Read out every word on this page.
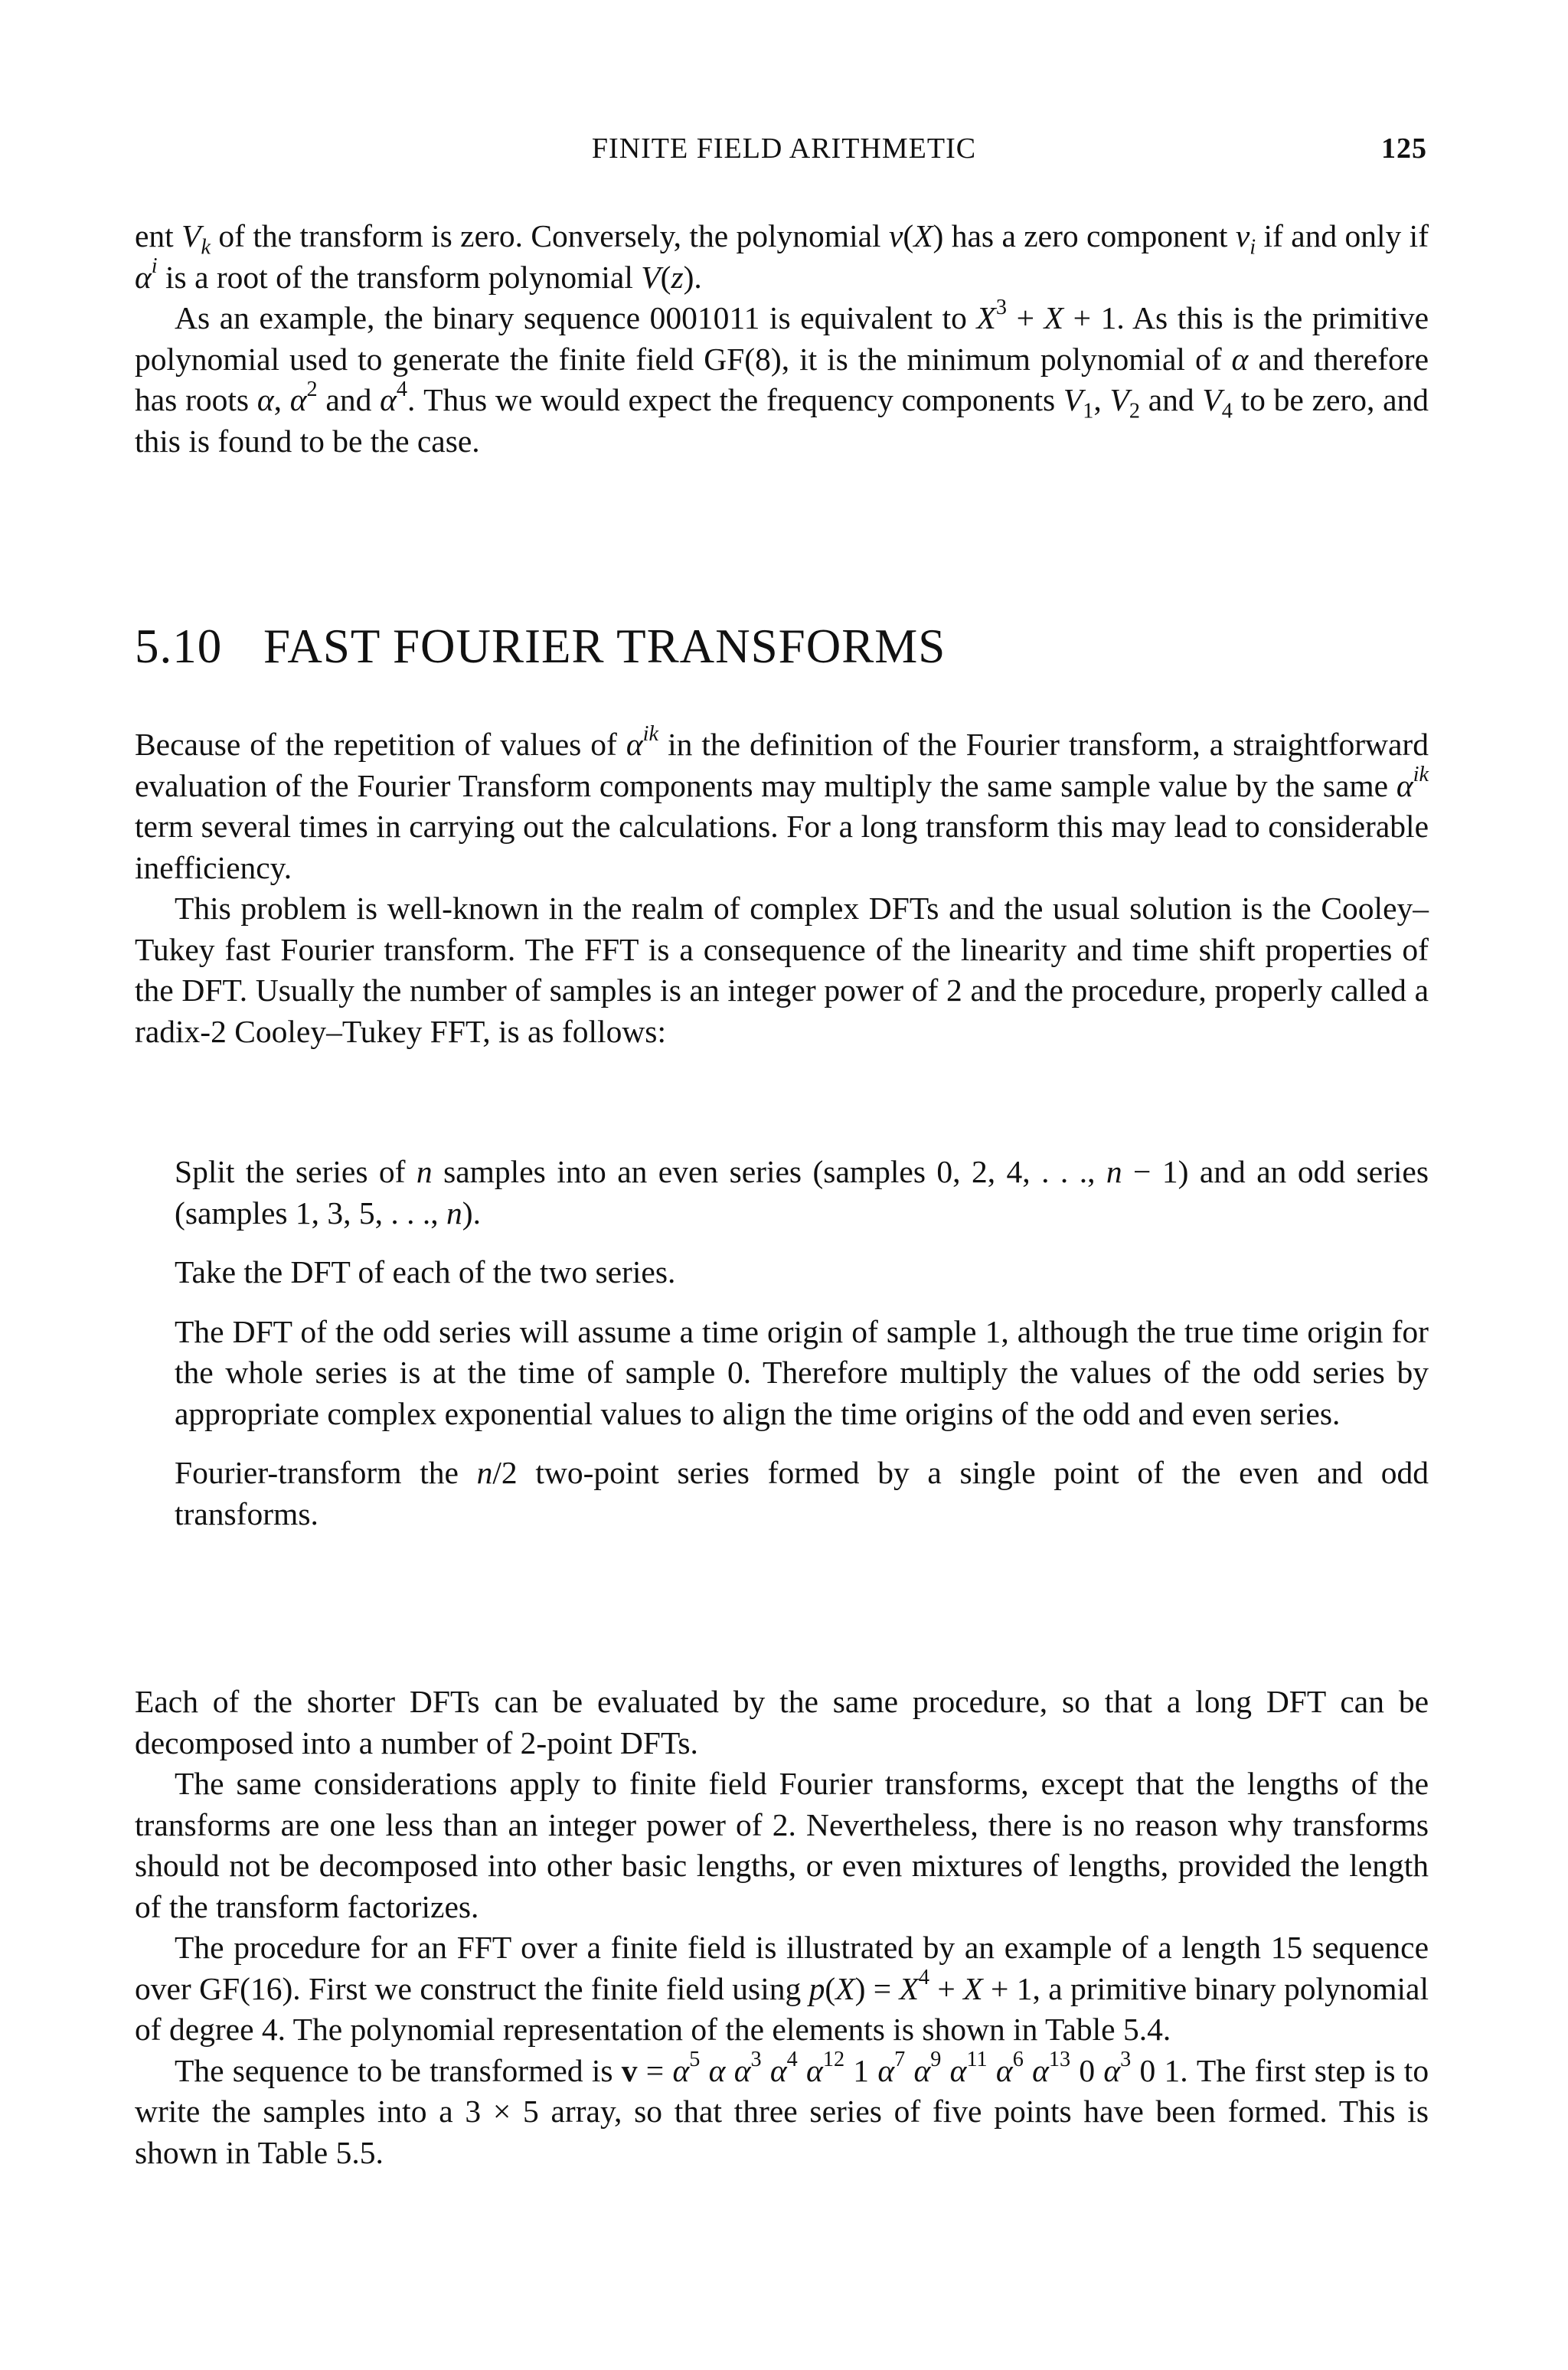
FINITE FIELD ARITHMETIC	125

ent $V_k$ of the transform is zero. Conversely, the polynomial v(X) has a zero component $v_i$ if and only if $\alpha^i$ is a root of the transform polynomial V(z).

As an example, the binary sequence 0001011 is equivalent to $X^3 + X + 1$. As this is the primitive polynomial used to generate the finite field GF(8), it is the minimum polynomial of α and therefore has roots α, $\alpha^2$ and $\alpha^4$. Thus we would expect the frequency components $V_1$, $V_2$ and $V_4$ to be zero, and this is found to be the case.

5.10 FAST FOURIER TRANSFORMS

Because of the repetition of values of $\alpha^{ik}$ in the definition of the Fourier transform, a straightforward evaluation of the Fourier Transform components may multiply the same sample value by the same $\alpha^{ik}$ term several times in carrying out the calculations. For a long transform this may lead to considerable inefficiency.

This problem is well-known in the realm of complex DFTs and the usual solution is the Cooley–Tukey fast Fourier transform. The FFT is a consequence of the linearity and time shift properties of the DFT. Usually the number of samples is an integer power of 2 and the procedure, properly called a radix-2 Cooley–Tukey FFT, is as follows:

Split the series of n samples into an even series (samples 0, 2, 4, . . ., n − 1) and an odd series (samples 1, 3, 5, . . ., n).

Take the DFT of each of the two series.

The DFT of the odd series will assume a time origin of sample 1, although the true time origin for the whole series is at the time of sample 0. Therefore multiply the values of the odd series by appropriate complex exponential values to align the time origins of the odd and even series.

Fourier-transform the n/2 two-point series formed by a single point of the even and odd transforms.

Each of the shorter DFTs can be evaluated by the same procedure, so that a long DFT can be decomposed into a number of 2-point DFTs.

The same considerations apply to finite field Fourier transforms, except that the lengths of the transforms are one less than an integer power of 2. Nevertheless, there is no reason why transforms should not be decomposed into other basic lengths, or even mixtures of lengths, provided the length of the transform factorizes.

The procedure for an FFT over a finite field is illustrated by an example of a length 15 sequence over GF(16). First we construct the finite field using $p(X) = X^4 + X + 1$, a primitive binary polynomial of degree 4. The polynomial representation of the elements is shown in Table 5.4.

The sequence to be transformed is $v = \alpha^5$ α $\alpha^3$ $\alpha^4$ $\alpha^{12}$ 1 $\alpha^7$ $\alpha^9$ $\alpha^{11}$ $\alpha^6$ $\alpha^{13}$ 0 $\alpha^3$ 0 1. The first step is to write the samples into a 3 × 5 array, so that three series of five points have been formed. This is shown in Table 5.5.
